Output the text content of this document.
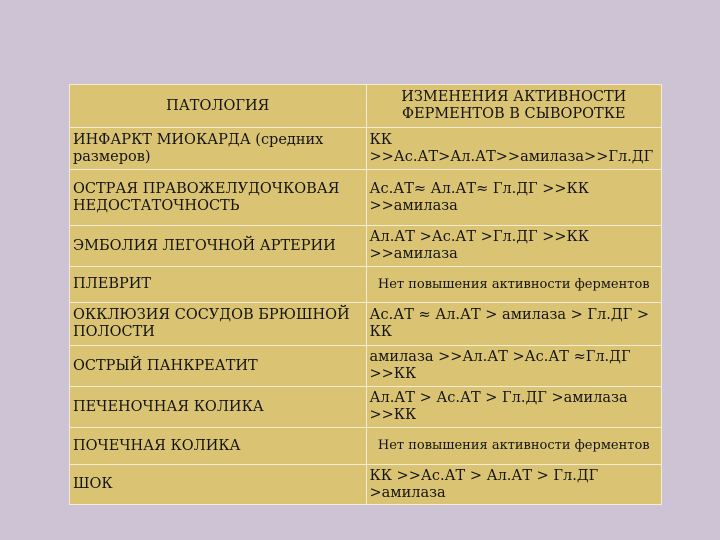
ПАТОЛОГИЯ	ИЗМЕНЕНИЯ АКТИВНОСТИ ФЕРМЕНТОВ В СЫВОРОТКЕ
ИНФАРКТ МИОКАРДА (средних размеров)	КК >>Ас.АТ>Ал.АТ>>амилаза>>Гл.ДГ
ОСТРАЯ ПРАВОЖЕЛУДОЧКОВАЯ НЕДОСТАТОЧНОСТЬ	Ас.АТ≈ Ал.АТ≈ Гл.ДГ >>КК >>амилаза
ЭМБОЛИЯ ЛЕГОЧНОЙ АРТЕРИИ	Ал.АТ >Ас.АТ >Гл.ДГ >>КК >>амилаза
ПЛЕВРИТ	Нет повышения активности ферментов
ОККЛЮЗИЯ СОСУДОВ БРЮШНОЙ ПОЛОСТИ	Ас.АТ ≈ Ал.АТ > амилаза > Гл.ДГ > КК
ОСТРЫЙ ПАНКРЕАТИТ	амилаза >>Ал.АТ >Ас.АТ ≈Гл.ДГ >>КК
ПЕЧЕНОЧНАЯ КОЛИКА	Ал.АТ > Ас.АТ > Гл.ДГ >амилаза >>КК
ПОЧЕЧНАЯ КОЛИКА	Нет повышения активности ферментов
ШОК	КК >>Ас.АТ > Ал.АТ > Гл.ДГ >амилаза
